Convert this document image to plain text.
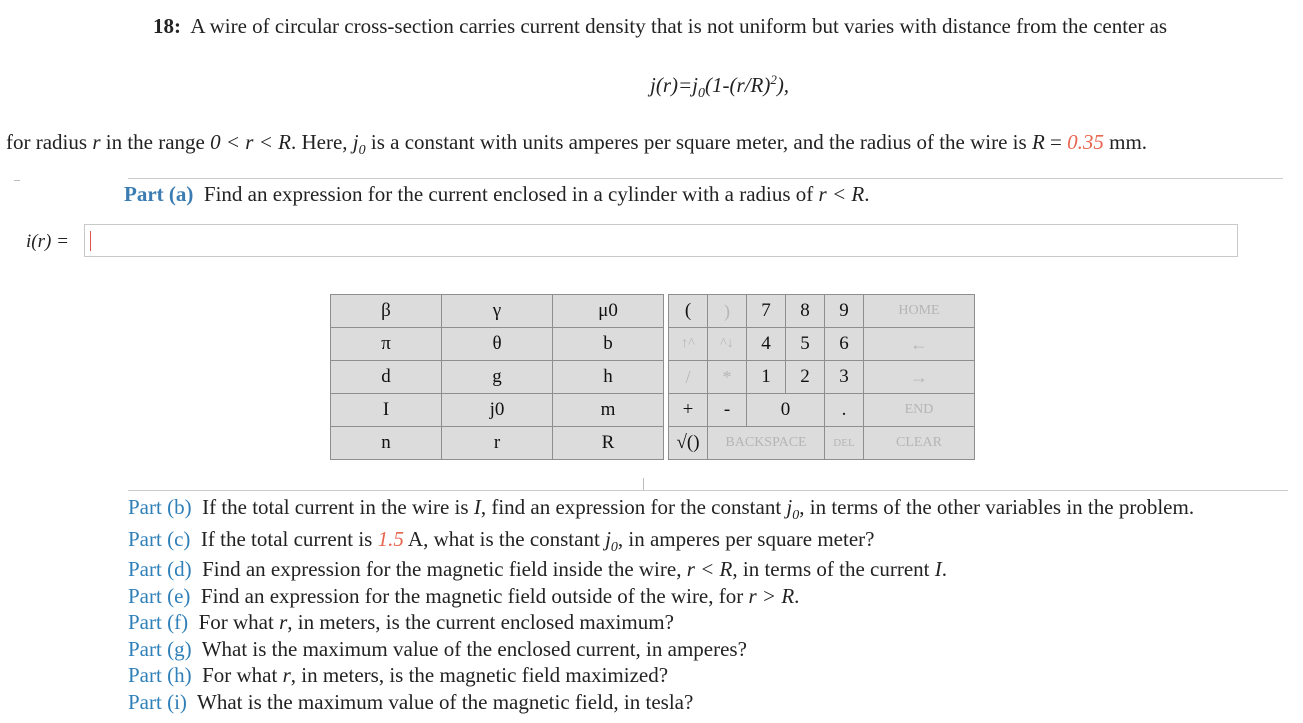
18: A wire of circular cross-section carries current density that is not uniform but varies with distance from the center as
$j(r)=j_0(1-(r/R)^2)$,
for radius r in the range 0 < r < R. Here, $j_0$ is a constant with units amperes per square meter, and the radius of the wire is R = 0.35 mm.
Part (a) Find an expression for the current enclosed in a cylinder with a radius of r < R.
i(r) =
β	γ	μ0		(	)	7	8	9	HOME
π	θ	b		↑^	^↓	4	5	6	←
d	g	h		/	*	1	2	3	→
I	j0	m		+	-	0		.	END
n	r	R		√()	BACKSPACE			DEL	CLEAR
Part (b) If the total current in the wire is I, find an expression for the constant $j_0$, in terms of the other variables in the problem.
Part (c) If the total current is 1.5 A, what is the constant $j_0$, in amperes per square meter?
Part (d) Find an expression for the magnetic field inside the wire, r < R, in terms of the current I.
Part (e) Find an expression for the magnetic field outside of the wire, for r > R.
Part (f) For what r, in meters, is the current enclosed maximum?
Part (g) What is the maximum value of the enclosed current, in amperes?
Part (h) For what r, in meters, is the magnetic field maximized?
Part (i) What is the maximum value of the magnetic field, in tesla?
